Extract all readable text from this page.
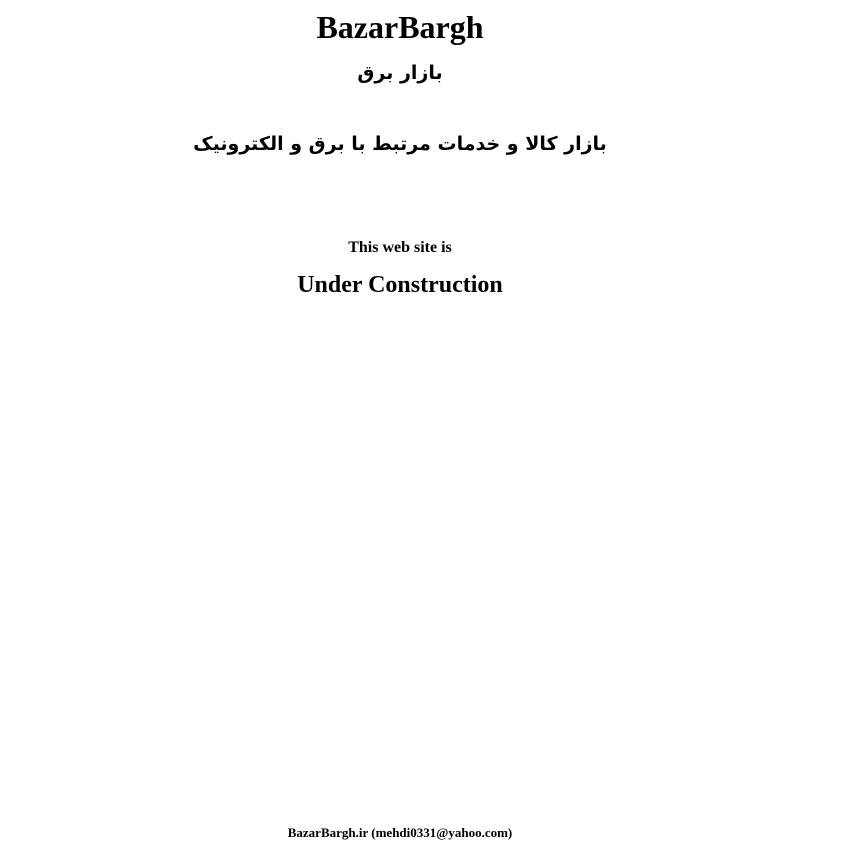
BazarBargh
بازار برق
بازار کالا و خدمات مرتبط با برق و الکترونیک
This web site is
Under Construction
BazarBargh.ir (mehdi0331@yahoo.com)
